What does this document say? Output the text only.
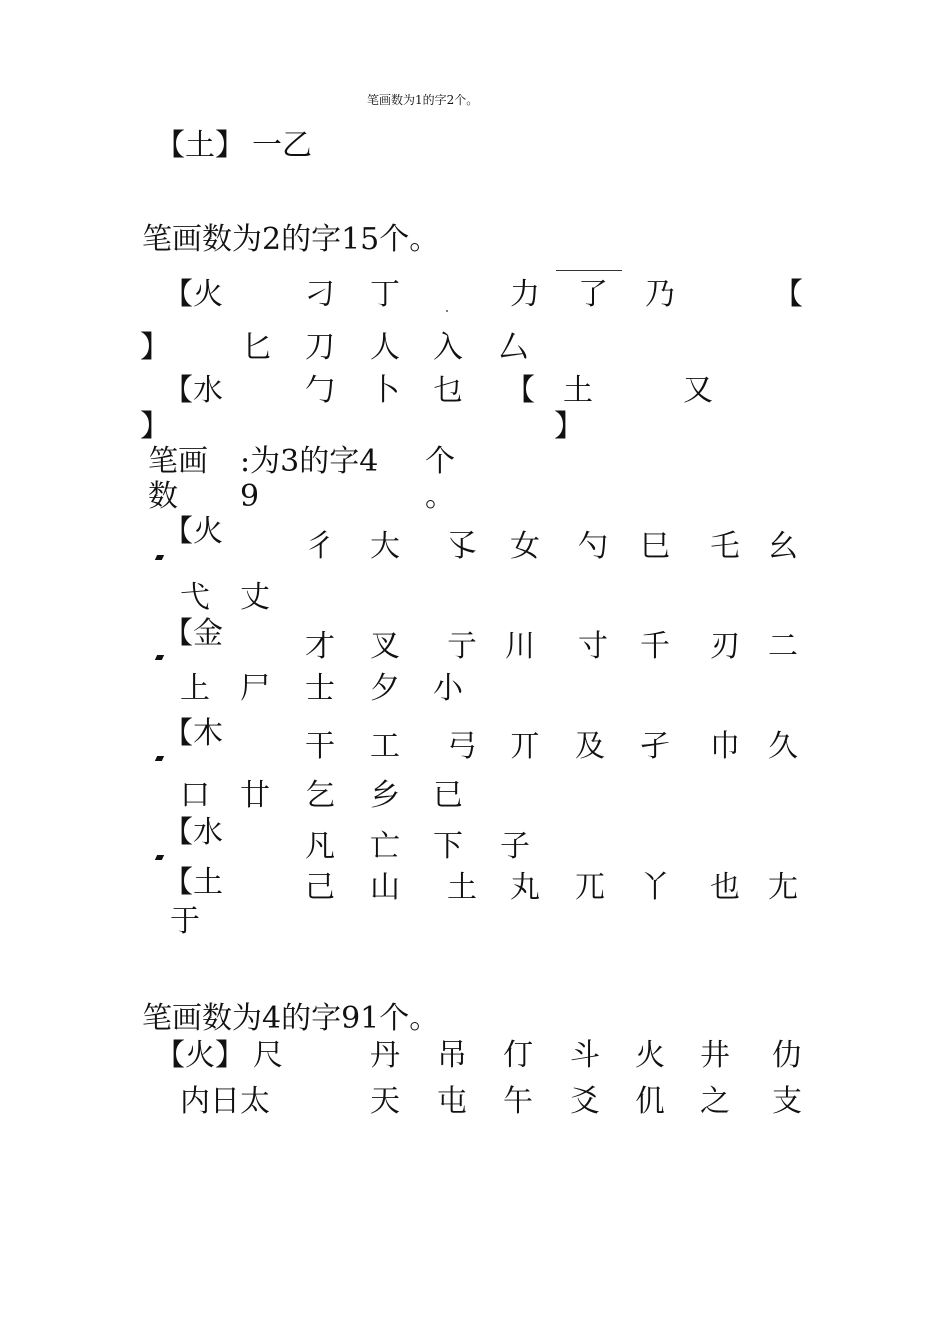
笔画数为1的字2个。
【土】 一乙
笔画数为2的字15个。
【火	刁 丁	力 了 乃	【
】 匕 刀 人 入 厶
【水	勹 卜 乜 【 土	又
】	】
笔画
数
:为3的字4
9
个
。
【火	彳 大 孓 女 勺 巳 乇 幺
弋 丈
【金	才 叉 亍 川 寸 千 刃 二
上 尸 士 夕 小
【木	干 工 弓 丌 及 孑 巾 久
口 廿 乞 乡 已
【水	凡 亡 下 子
【土	己 山 土 丸 兀 丫 也 尢
于
笔画数为4的字91个。
【火】 尺	丹 吊 仃 斗 火 井 仂
内日太	天 屯 午 爻 仉 之 支
